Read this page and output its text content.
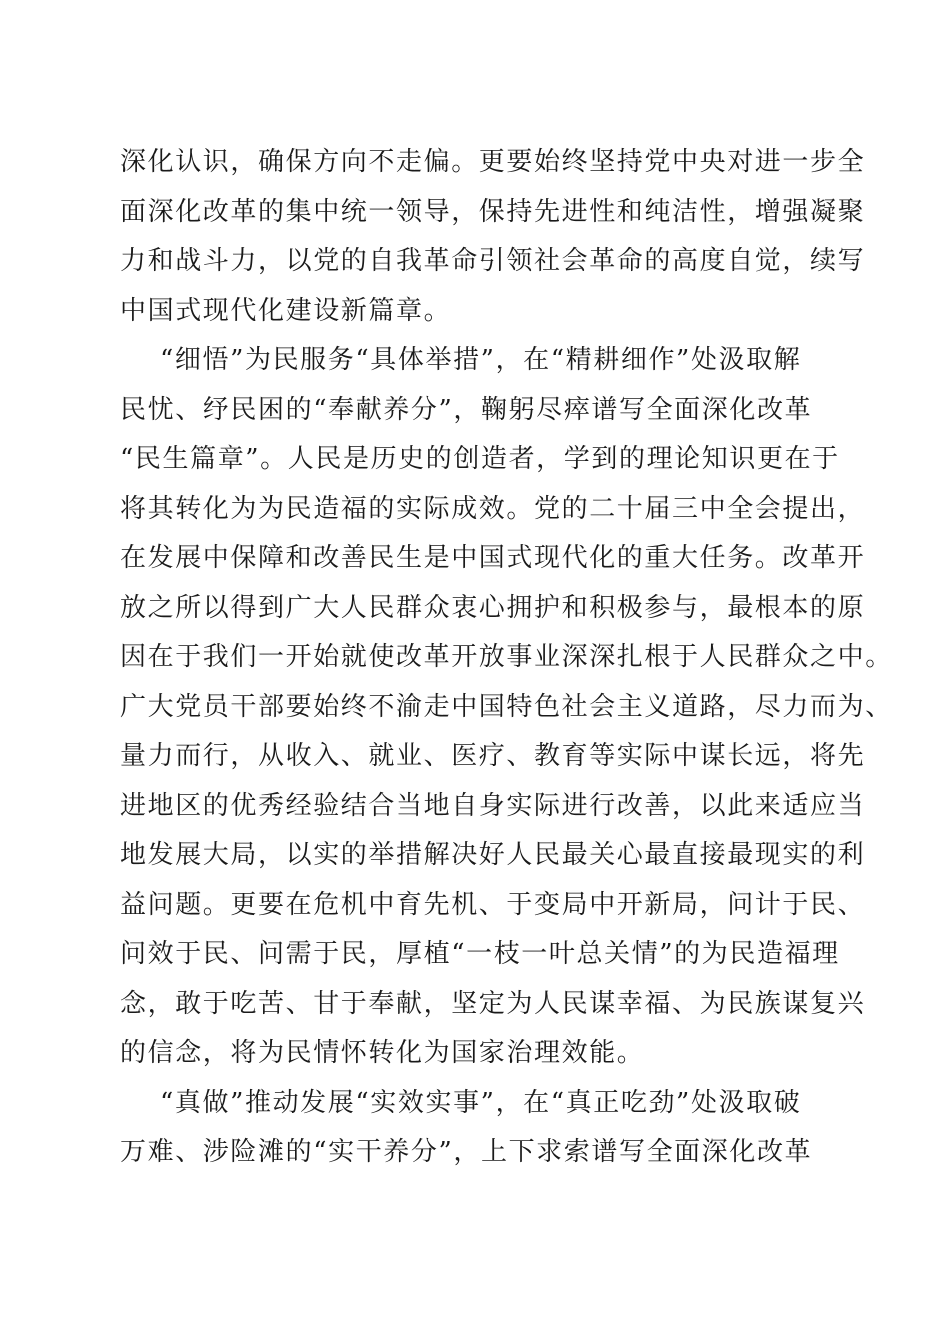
深化认识，确保方向不走偏。更要始终坚持党中央对进一步全
面深化改革的集中统一领导，保持先进性和纯洁性，增强凝聚
力和战斗力，以党的自我革命引领社会革命的高度自觉，续写
中国式现代化建设新篇章。
“细悟”为民服务“具体举措”，在“精耕细作”处汲取解
民忧、纾民困的“奉献养分”，鞠躬尽瘁谱写全面深化改革
“民生篇章”。人民是历史的创造者，学到的理论知识更在于
将其转化为为民造福的实际成效。党的二十届三中全会提出，
在发展中保障和改善民生是中国式现代化的重大任务。改革开
放之所以得到广大人民群众衷心拥护和积极参与，最根本的原
因在于我们一开始就使改革开放事业深深扎根于人民群众之中。
广大党员干部要始终不渝走中国特色社会主义道路，尽力而为、
量力而行，从收入、就业、医疗、教育等实际中谋长远，将先
进地区的优秀经验结合当地自身实际进行改善，以此来适应当
地发展大局，以实的举措解决好人民最关心最直接最现实的利
益问题。更要在危机中育先机、于变局中开新局，问计于民、
问效于民、问需于民，厚植“一枝一叶总关情”的为民造福理
念，敢于吃苦、甘于奉献，坚定为人民谋幸福、为民族谋复兴
的信念，将为民情怀转化为国家治理效能。
“真做”推动发展“实效实事”，在“真正吃劲”处汲取破
万难、涉险滩的“实干养分”，上下求索谱写全面深化改革
